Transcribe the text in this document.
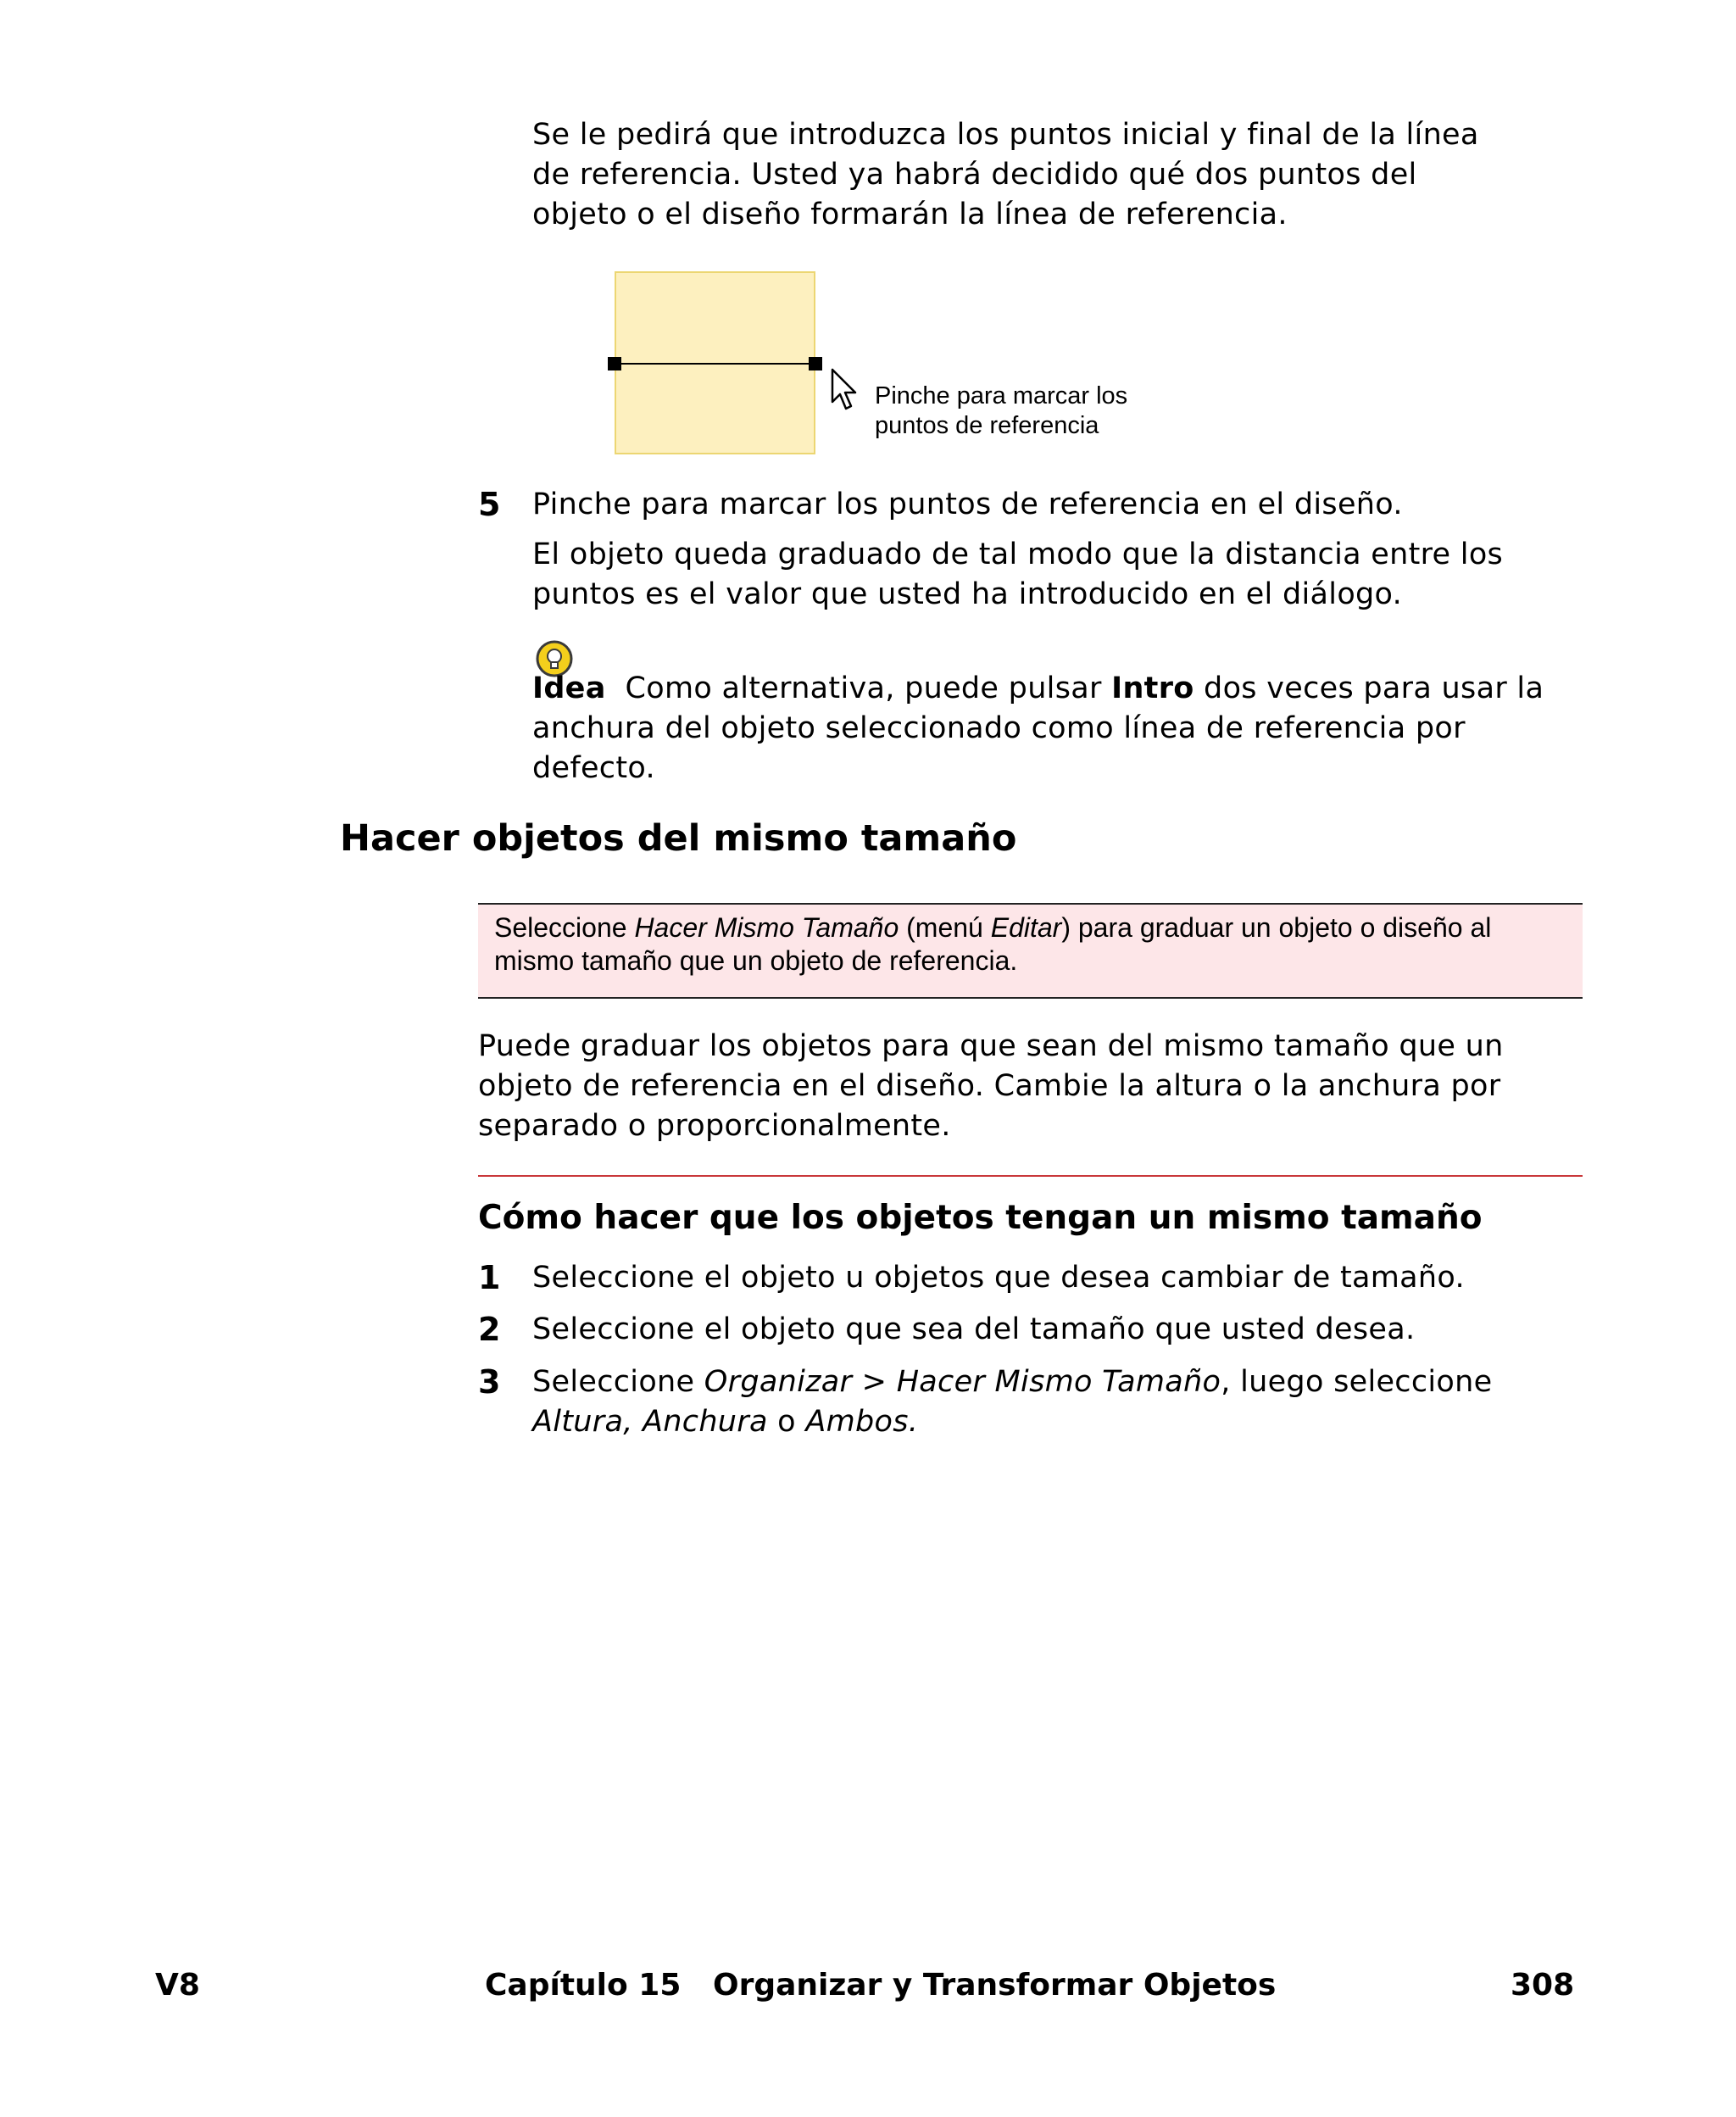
Se le pedirá que introduzca los puntos inicial y final de la línea de referencia. Usted ya habrá decidido qué dos puntos del objeto o el diseño formarán la línea de referencia.
Pinche para marcar los
puntos de referencia
5 Pinche para marcar los puntos de referencia en el diseño.
El objeto queda graduado de tal modo que la distancia entre los puntos es el valor que usted ha introducido en el diálogo.
Idea Como alternativa, puede pulsar Intro dos veces para usar la anchura del objeto seleccionado como línea de referencia por defecto.
Hacer objetos del mismo tamaño
Seleccione Hacer Mismo Tamaño (menú Editar) para graduar un objeto o diseño al mismo tamaño que un objeto de referencia.
Puede graduar los objetos para que sean del mismo tamaño que un objeto de referencia en el diseño. Cambie la altura o la anchura por separado o proporcionalmente.
Cómo hacer que los objetos tengan un mismo tamaño
1 Seleccione el objeto u objetos que desea cambiar de tamaño.
2 Seleccione el objeto que sea del tamaño que usted desea.
3 Seleccione Organizar > Hacer Mismo Tamaño, luego seleccione
Altura, Anchura o Ambos.
V8	Capítulo 15   Organizar y Transformar Objetos	308
